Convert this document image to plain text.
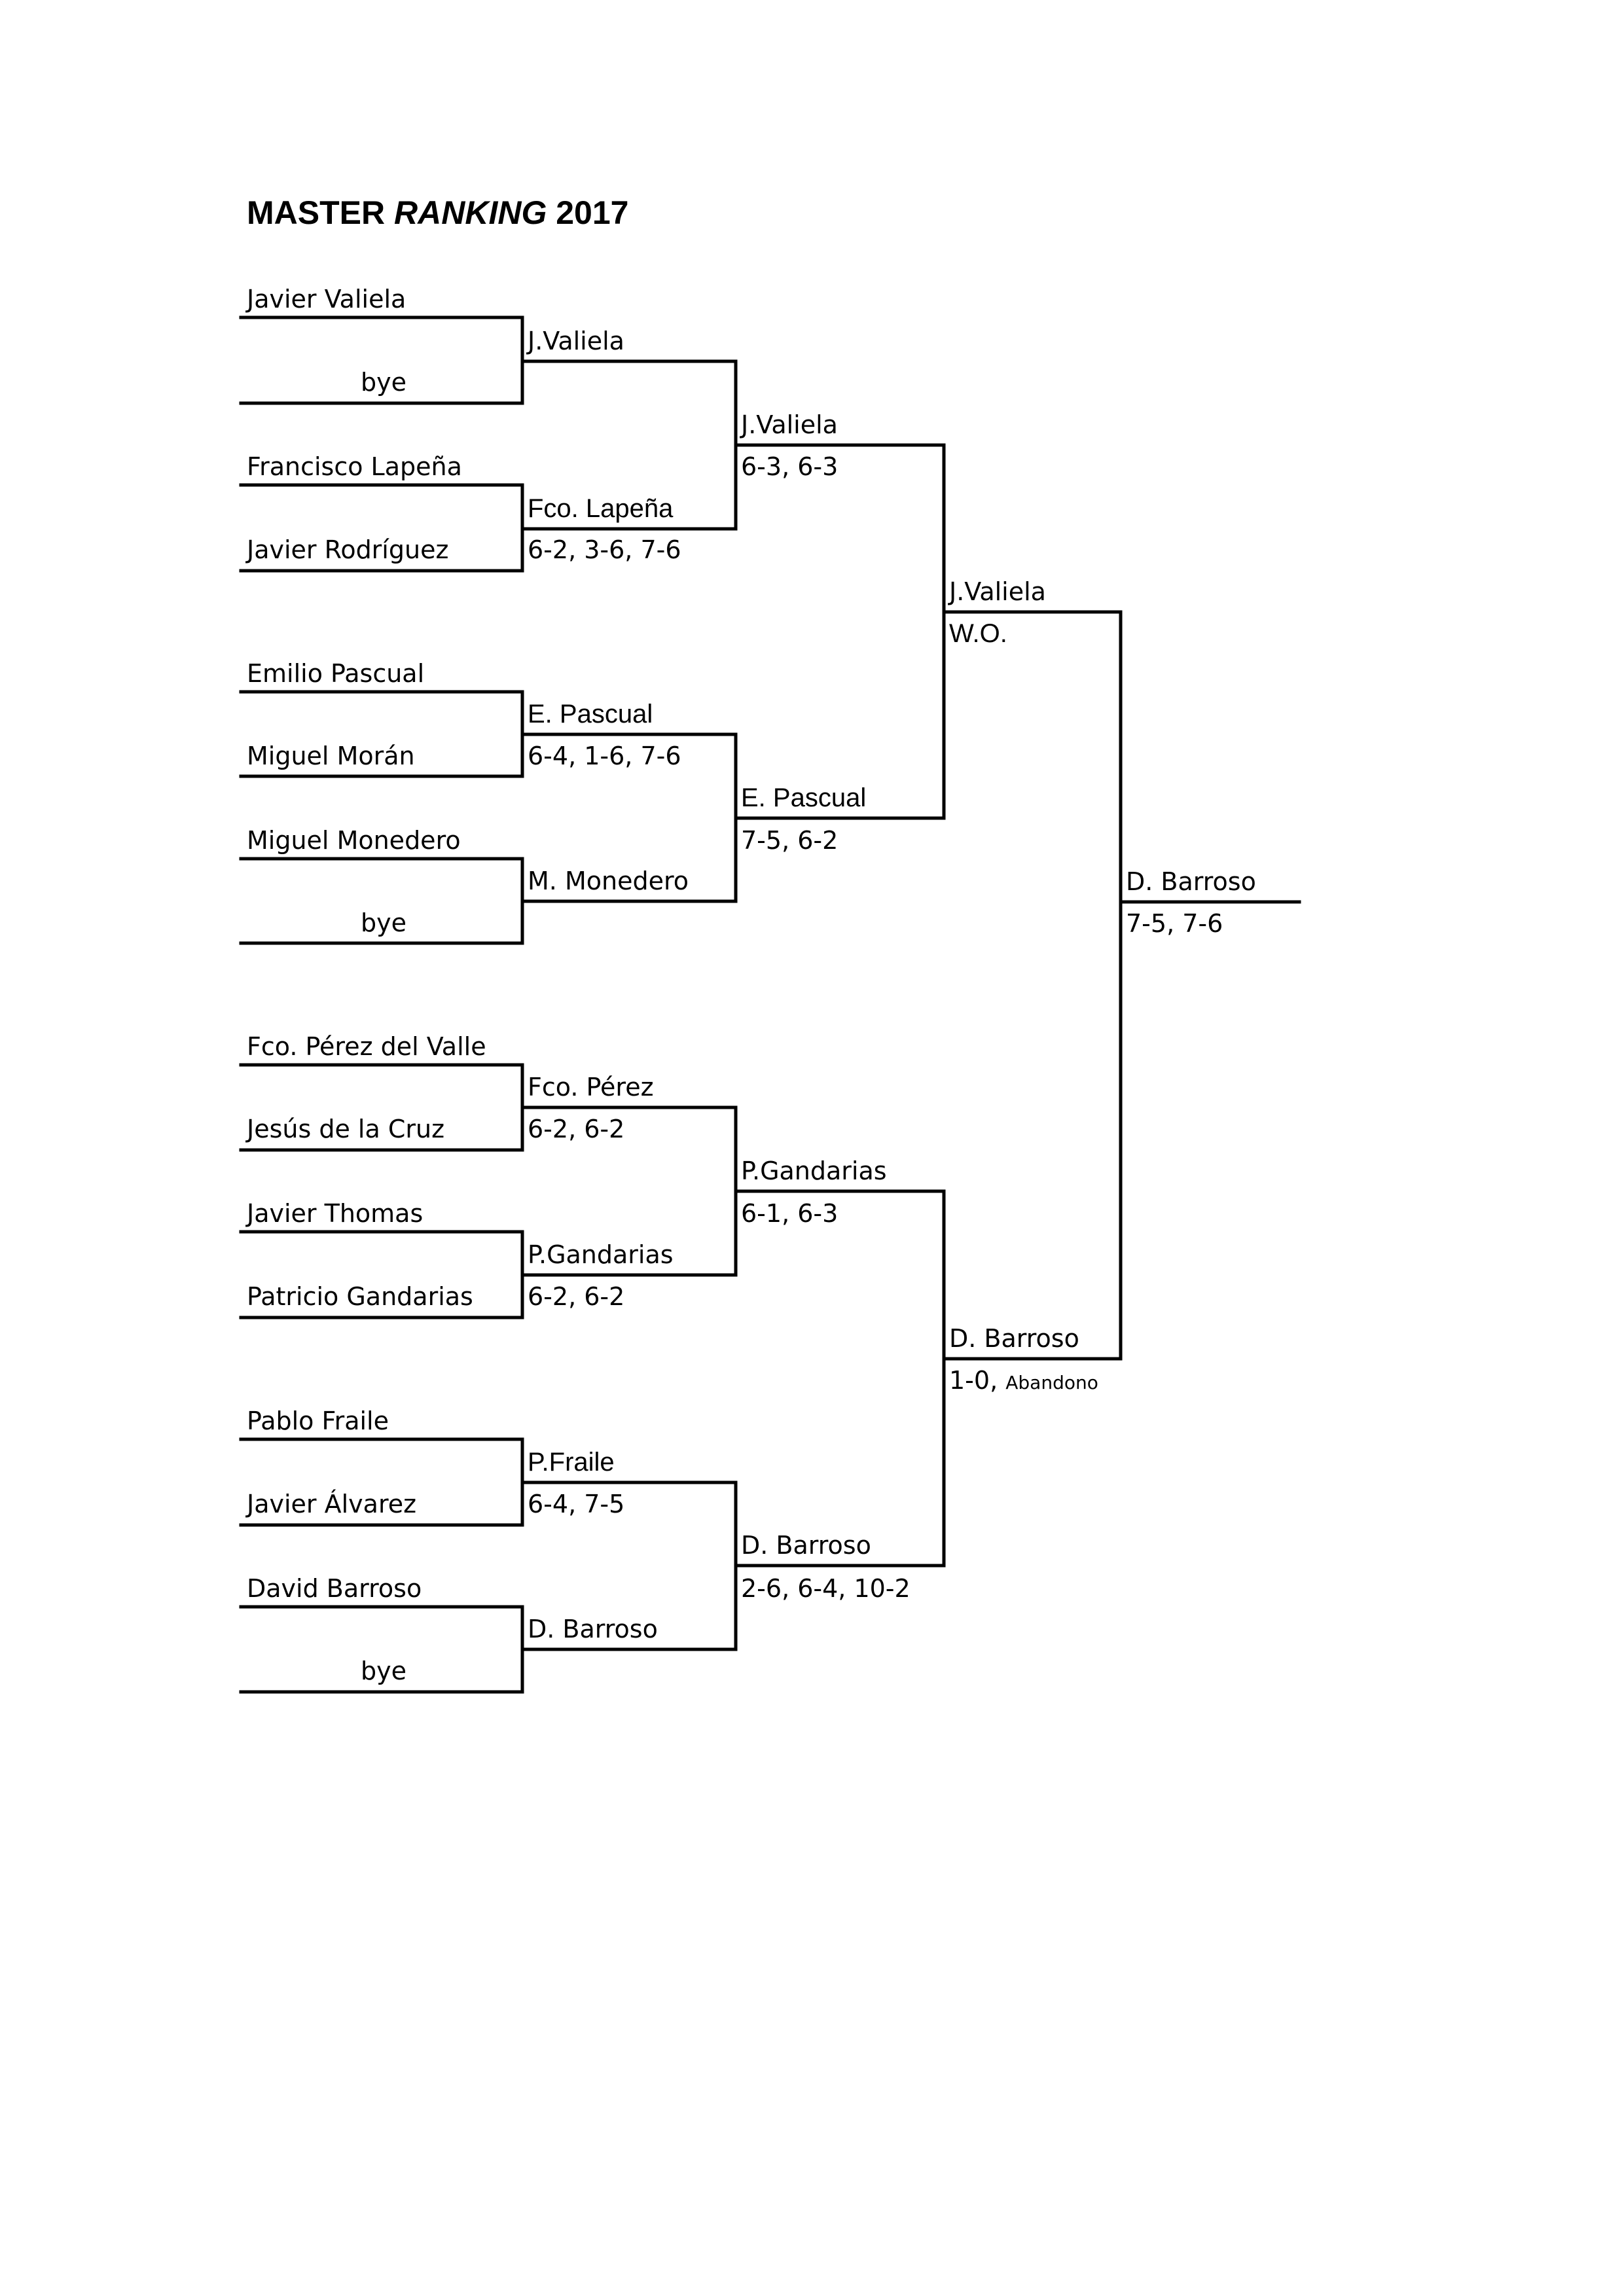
MASTER RANKING 2017
Javier Valiela
bye
Francisco Lapeña
Javier Rodríguez
Emilio Pascual
Miguel Morán
Miguel Monedero
bye
Fco. Pérez del Valle
Jesús de la Cruz
Javier Thomas
Patricio Gandarias
Pablo Fraile
Javier Álvarez
David Barroso
bye
J.Valiela
Fco. Lapeña
6-2, 3-6, 7-6
E. Pascual
6-4, 1-6, 7-6
M. Monedero
Fco. Pérez
6-2, 6-2
P.Gandarias
6-2, 6-2
P.Fraile
6-4, 7-5
D. Barroso
J.Valiela
6-3, 6-3
E. Pascual
7-5, 6-2
P.Gandarias
6-1, 6-3
D. Barroso
2-6, 6-4, 10-2
J.Valiela
W.O.
D. Barroso
1-0, Abandono
D. Barroso
7-5, 7-6
